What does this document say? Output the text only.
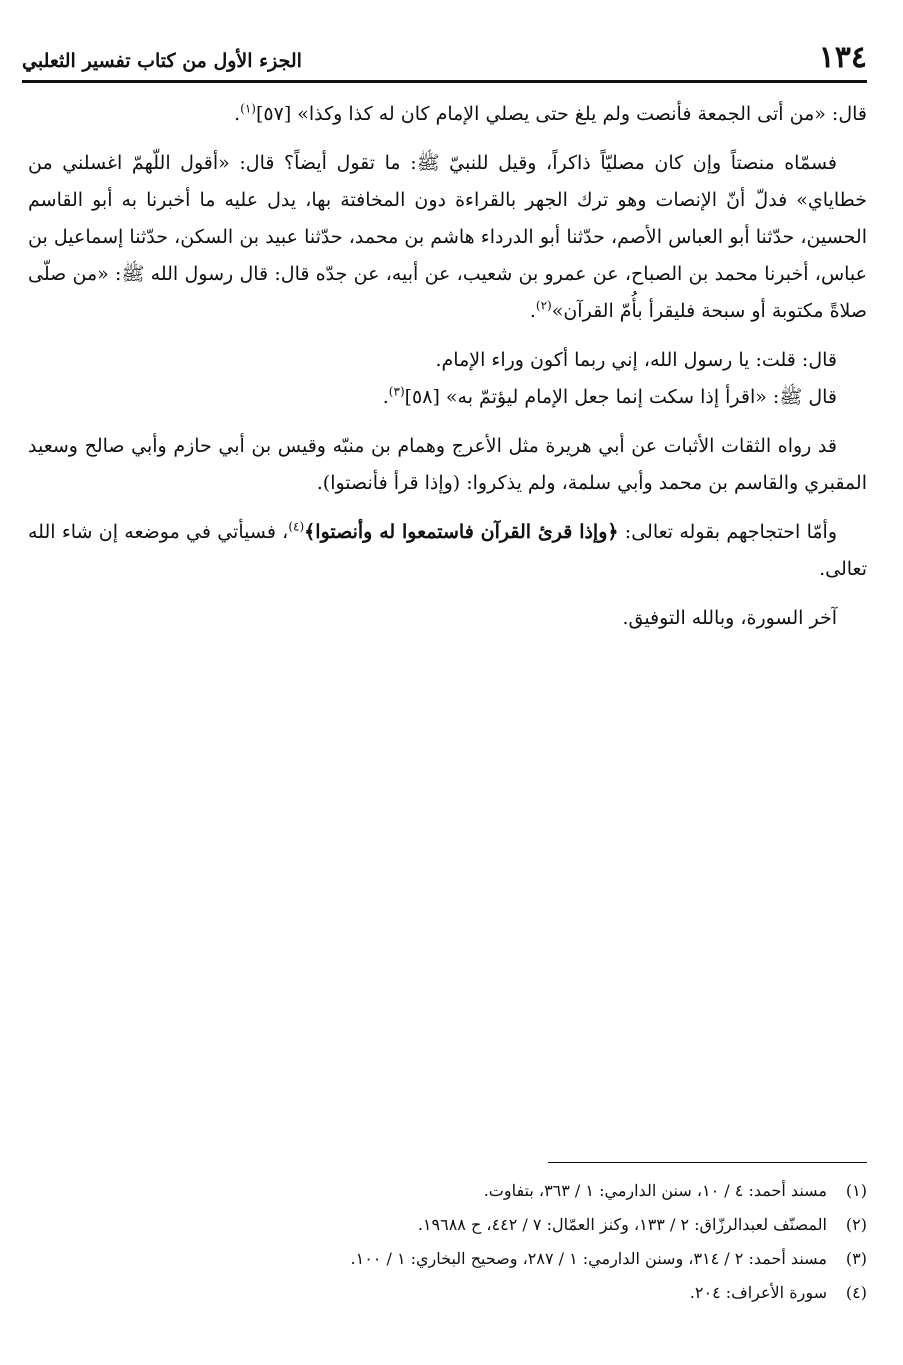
١٣٤
الجزء الأول من كتاب تفسير الثعلبي

قال: «من أتى الجمعة فأنصت ولم يلغ حتى يصلي الإمام كان له كذا وكذا» [٥٧]$^{(١)}$.

فسمّاه منصتاً وإن كان مصليّاً ذاكراً، وقيل للنبيّ ﷺ: ما تقول أيضاً؟ قال: «أقول اللّهمّ اغسلني من خطاياي» فدلّ أنّ الإنصات وهو ترك الجهر بالقراءة دون المخافتة بها، يدل عليه ما أخبرنا به أبو القاسم الحسين، حدّثنا أبو العباس الأصم، حدّثنا أبو الدرداء هاشم بن محمد، حدّثنا عبيد بن السكن، حدّثنا إسماعيل بن عباس، أخبرنا محمد بن الصباح، عن عمرو بن شعيب، عن أبيه، عن جدّه قال: قال رسول الله ﷺ: «من صلّى صلاةً مكتوبة أو سبحة فليقرأ بأُمّ القرآن»$^{(٢)}$.

قال: قلت: يا رسول الله، إني ربما أكون وراء الإمام.

قال ﷺ: «اقرأ إذا سكت إنما جعل الإمام ليؤتمّ به» [٥٨]$^{(٣)}$.

قد رواه الثقات الأثبات عن أبي هريرة مثل الأعرج وهمام بن منبّه وقيس بن أبي حازم وأبي صالح وسعيد المقبري والقاسم بن محمد وأبي سلمة، ولم يذكروا: (وإذا قرأ فأنصتوا).

وأمّا احتجاجهم بقوله تعالى: ﴿وإذا قرئ القرآن فاستمعوا له وأنصتوا﴾$^{(٤)}$، فسيأتي في موضعه إن شاء الله تعالى.

آخر السورة، وبالله التوفيق.

(١)
مسند أحمد: ٤ / ١٠، سنن الدارمي: ١ / ٣٦٣، بتفاوت.
(٢)
المصنّف لعبدالرزّاق: ٢ / ١٣٣، وكنز العمّال: ٧ / ٤٤٢، ح ١٩٦٨٨.
(٣)
مسند أحمد: ٢ / ٣١٤، وسنن الدارمي: ١ / ٢٨٧، وصحيح البخاري: ١ / ١٠٠.
(٤)
سورة الأعراف: ٢٠٤.
